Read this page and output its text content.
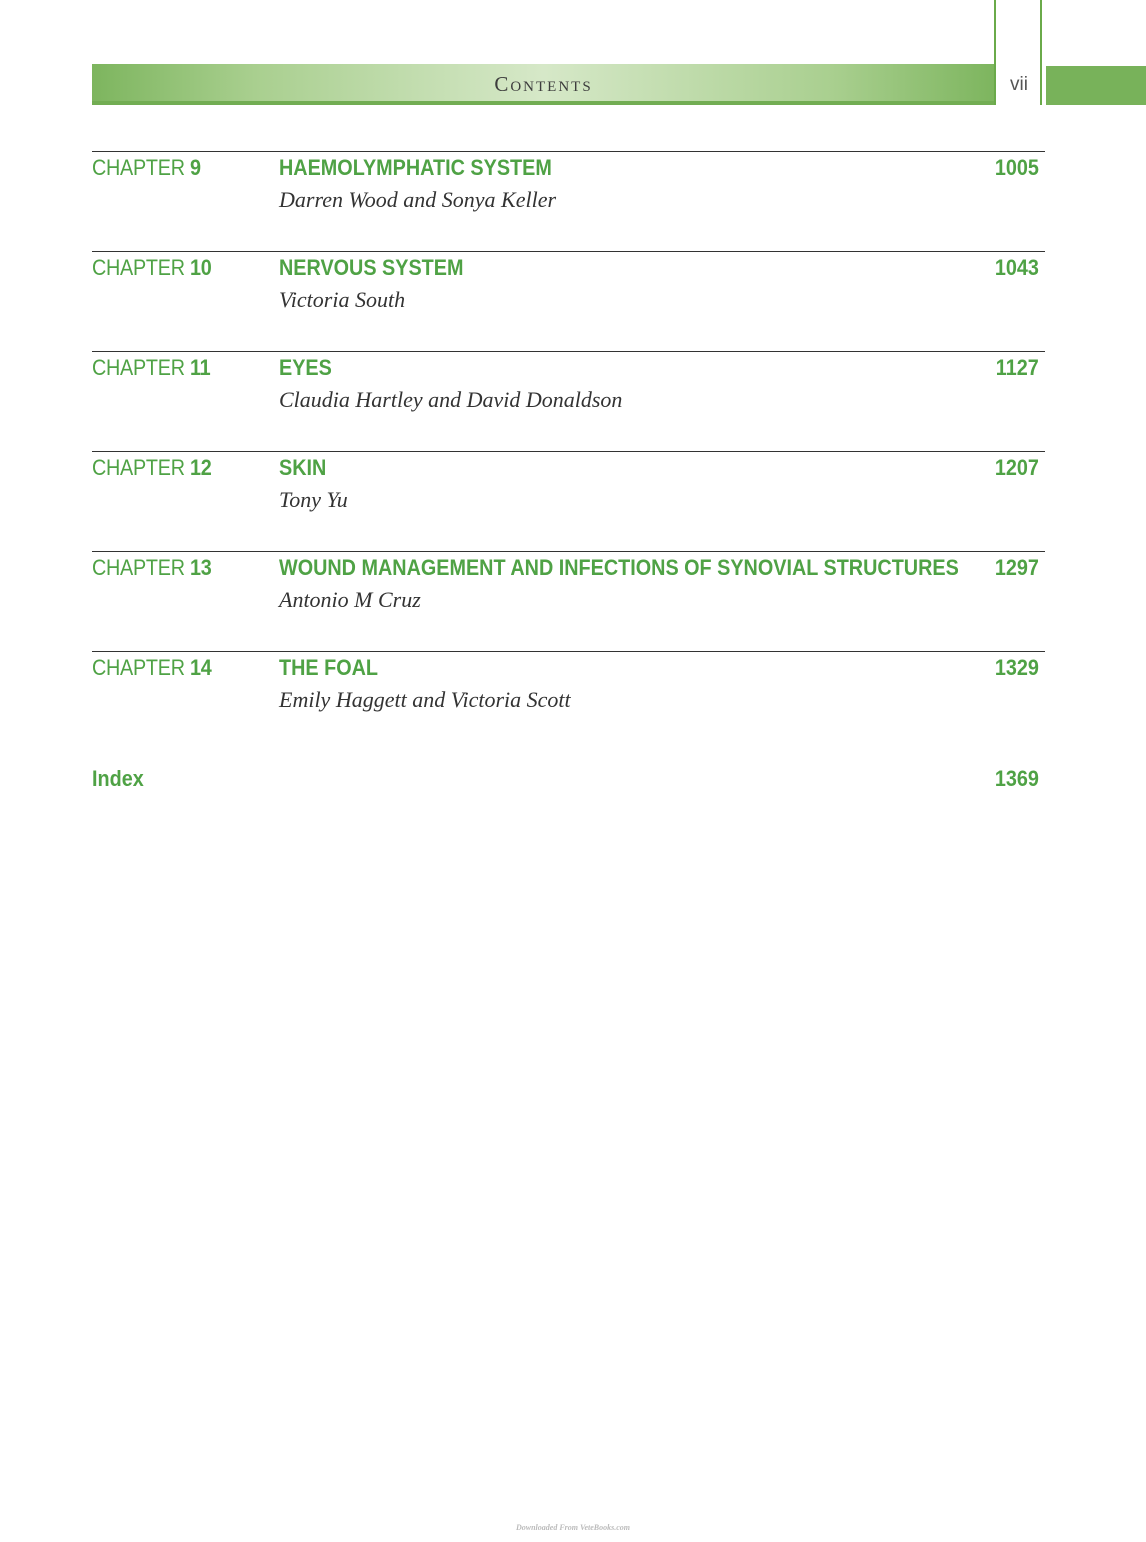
Contents	vii
CHAPTER 9	HAEMOLYMPHATIC SYSTEM	1005
Darren Wood and Sonya Keller
CHAPTER 10	NERVOUS SYSTEM	1043
Victoria South
CHAPTER 11	EYES	1127
Claudia Hartley and David Donaldson
CHAPTER 12	SKIN	1207
Tony Yu
CHAPTER 13	WOUND MANAGEMENT AND INFECTIONS OF SYNOVIAL STRUCTURES 1297
Antonio M Cruz
CHAPTER 14	THE FOAL	1329
Emily Haggett and Victoria Scott
Index	1369
Downloaded From VeteBooks.com
